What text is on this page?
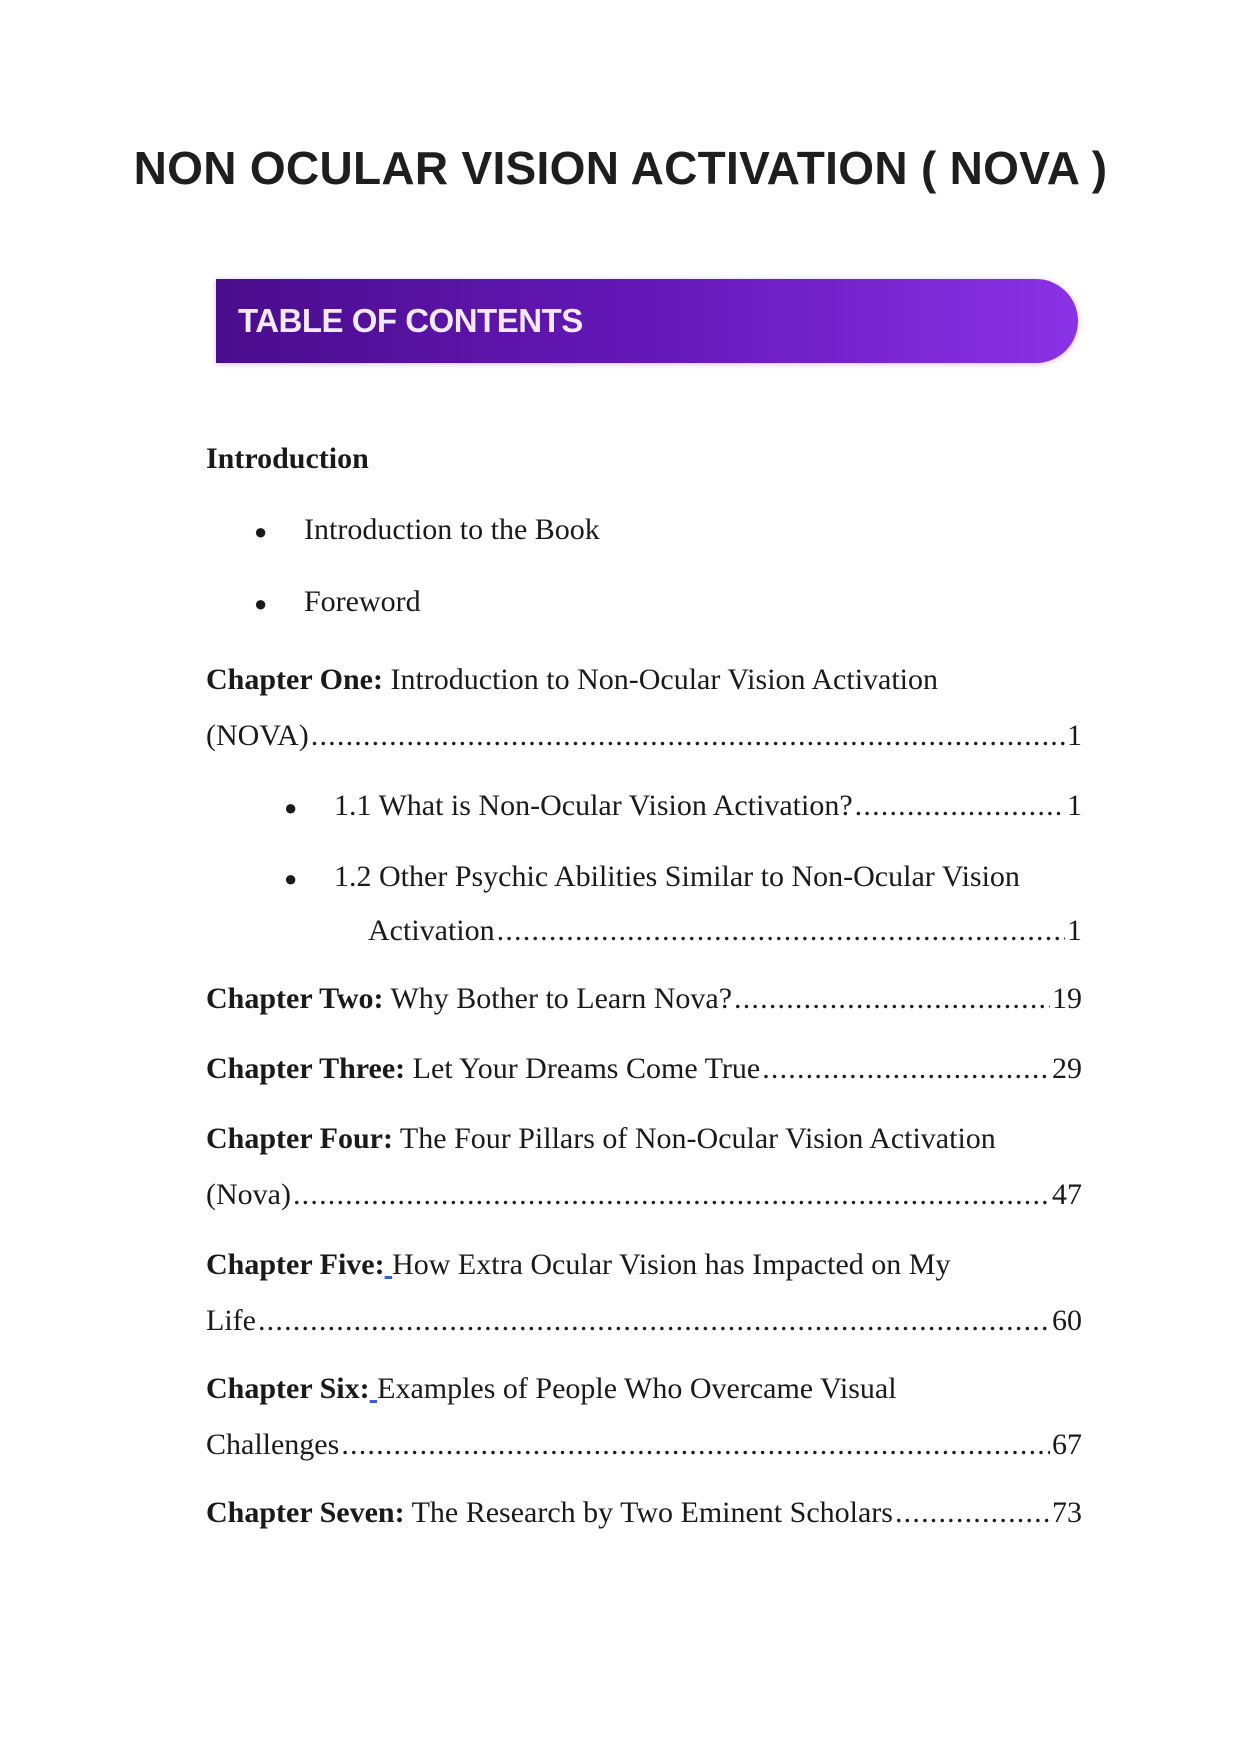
NON OCULAR VISION ACTIVATION ( NOVA )
TABLE OF CONTENTS
Introduction
● Introduction to the Book
● Foreword
Chapter One: Introduction to Non-Ocular Vision Activation
(NOVA) .....	1
● 1.1 What is Non-Ocular Vision Activation? .....	1
● 1.2 Other Psychic Abilities Similar to Non-Ocular Vision
Activation .....	1
Chapter Two: Why Bother to Learn Nova? .....	19
Chapter Three: Let Your Dreams Come True .....	29
Chapter Four: The Four Pillars of Non-Ocular Vision Activation
(Nova) .....	47
Chapter Five: How Extra Ocular Vision has Impacted on My
Life .....	60
Chapter Six: Examples of People Who Overcame Visual
Challenges .....	67
Chapter Seven: The Research by Two Eminent Scholars .....	73
